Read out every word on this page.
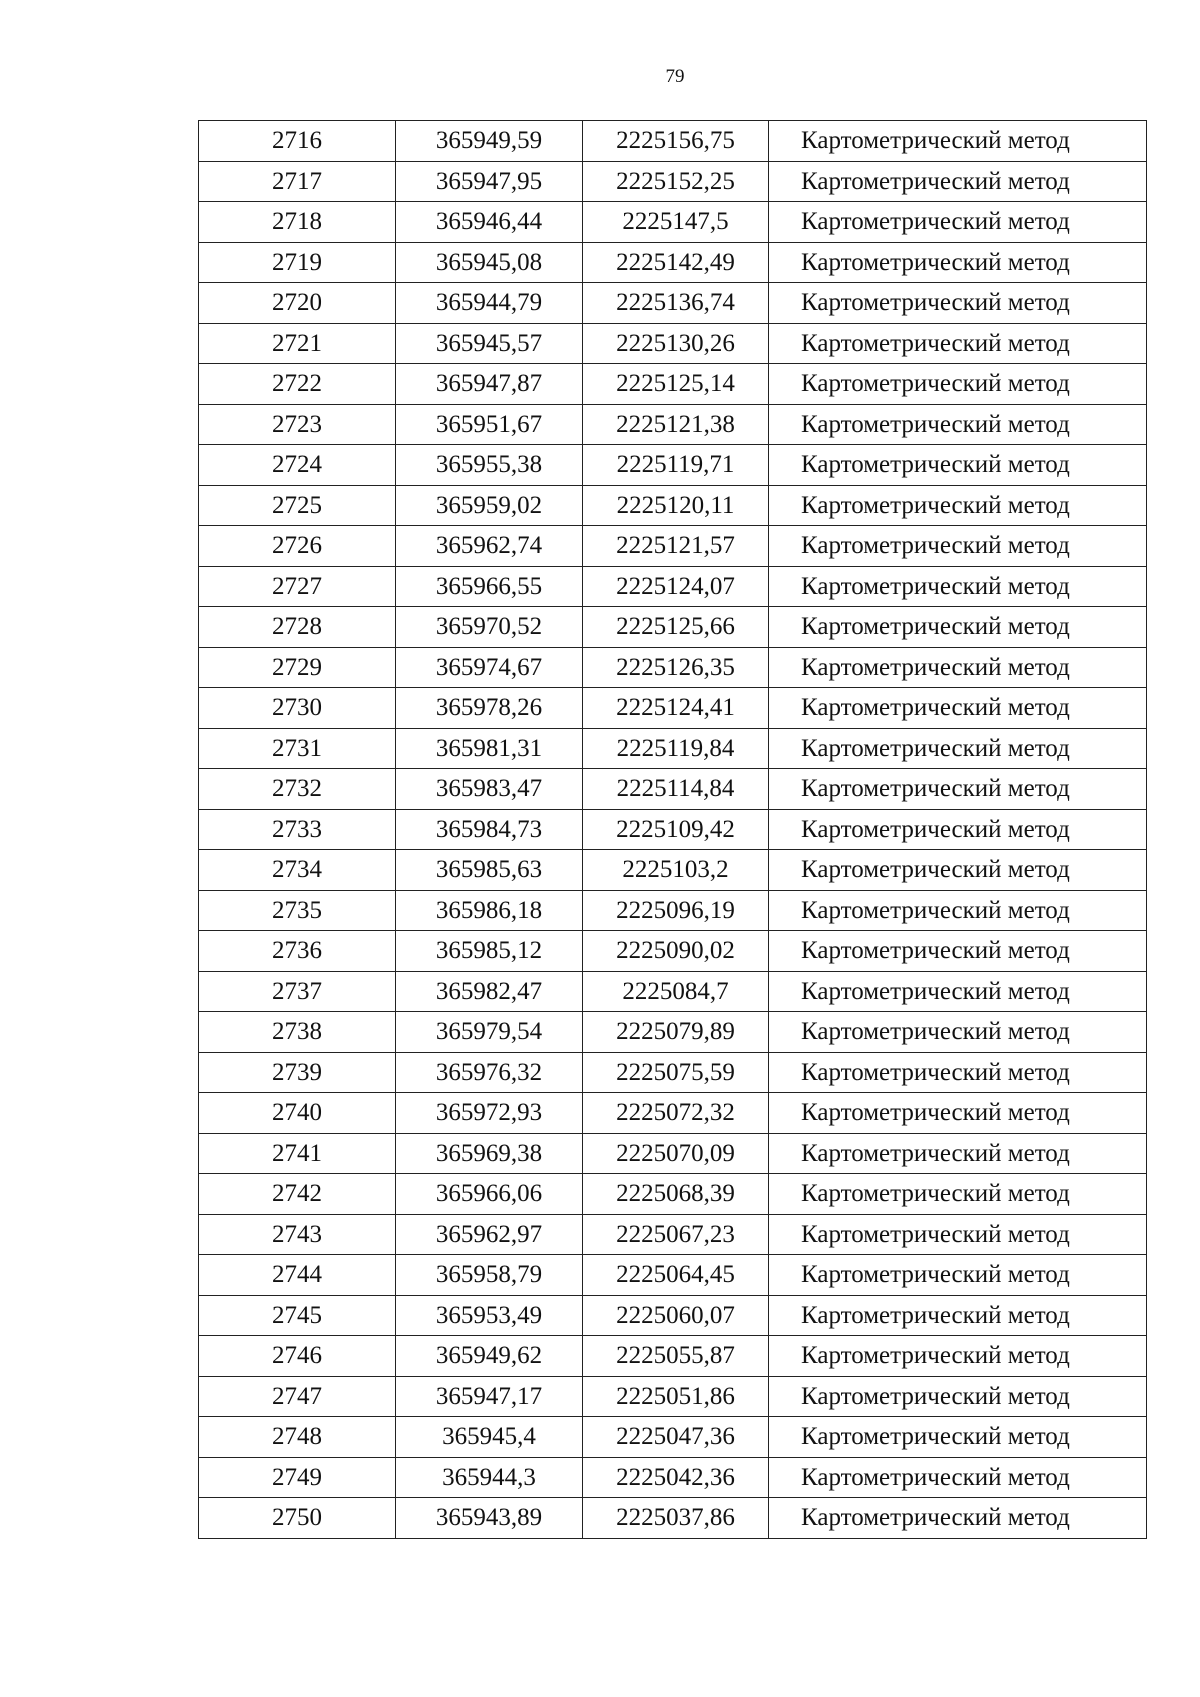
79
2716	365949,59	2225156,75	Картометрический метод
2717	365947,95	2225152,25	Картометрический метод
2718	365946,44	2225147,5	Картометрический метод
2719	365945,08	2225142,49	Картометрический метод
2720	365944,79	2225136,74	Картометрический метод
2721	365945,57	2225130,26	Картометрический метод
2722	365947,87	2225125,14	Картометрический метод
2723	365951,67	2225121,38	Картометрический метод
2724	365955,38	2225119,71	Картометрический метод
2725	365959,02	2225120,11	Картометрический метод
2726	365962,74	2225121,57	Картометрический метод
2727	365966,55	2225124,07	Картометрический метод
2728	365970,52	2225125,66	Картометрический метод
2729	365974,67	2225126,35	Картометрический метод
2730	365978,26	2225124,41	Картометрический метод
2731	365981,31	2225119,84	Картометрический метод
2732	365983,47	2225114,84	Картометрический метод
2733	365984,73	2225109,42	Картометрический метод
2734	365985,63	2225103,2	Картометрический метод
2735	365986,18	2225096,19	Картометрический метод
2736	365985,12	2225090,02	Картометрический метод
2737	365982,47	2225084,7	Картометрический метод
2738	365979,54	2225079,89	Картометрический метод
2739	365976,32	2225075,59	Картометрический метод
2740	365972,93	2225072,32	Картометрический метод
2741	365969,38	2225070,09	Картометрический метод
2742	365966,06	2225068,39	Картометрический метод
2743	365962,97	2225067,23	Картометрический метод
2744	365958,79	2225064,45	Картометрический метод
2745	365953,49	2225060,07	Картометрический метод
2746	365949,62	2225055,87	Картометрический метод
2747	365947,17	2225051,86	Картометрический метод
2748	365945,4	2225047,36	Картометрический метод
2749	365944,3	2225042,36	Картометрический метод
2750	365943,89	2225037,86	Картометрический метод
